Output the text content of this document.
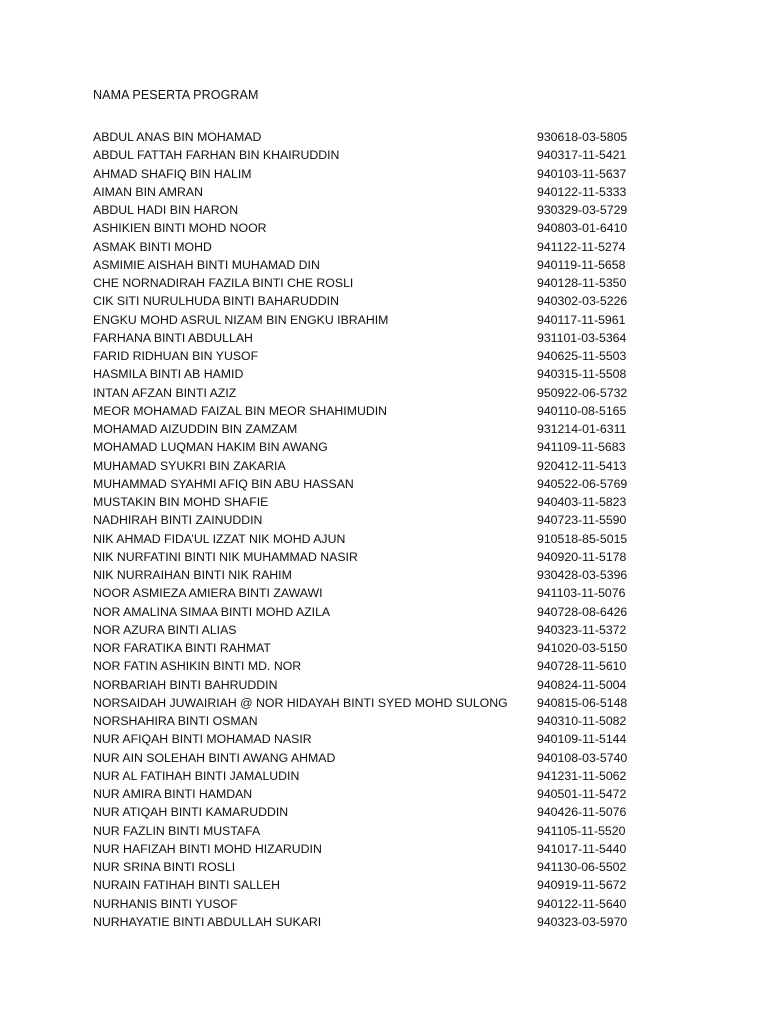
NAMA PESERTA PROGRAM
ABDUL ANAS BIN MOHAMAD	930618-03-5805
ABDUL FATTAH FARHAN BIN KHAIRUDDIN	940317-11-5421
AHMAD SHAFIQ BIN HALIM	940103-11-5637
AIMAN BIN AMRAN	940122-11-5333
ABDUL HADI BIN HARON	930329-03-5729
ASHIKIEN BINTI MOHD NOOR	940803-01-6410
ASMAK BINTI MOHD	941122-11-5274
ASMIMIE AISHAH BINTI MUHAMAD DIN	940119-11-5658
CHE NORNADIRAH FAZILA BINTI CHE ROSLI	940128-11-5350
CIK SITI NURULHUDA BINTI BAHARUDDIN	940302-03-5226
ENGKU MOHD ASRUL NIZAM BIN ENGKU IBRAHIM	940117-11-5961
FARHANA BINTI ABDULLAH	931101-03-5364
FARID RIDHUAN BIN YUSOF	940625-11-5503
HASMILA BINTI AB HAMID	940315-11-5508
INTAN AFZAN BINTI AZIZ	950922-06-5732
MEOR MOHAMAD FAIZAL BIN MEOR SHAHIMUDIN	940110-08-5165
MOHAMAD AIZUDDIN BIN ZAMZAM	931214-01-6311
MOHAMAD LUQMAN HAKIM BIN AWANG	941109-11-5683
MUHAMAD SYUKRI BIN ZAKARIA	920412-11-5413
MUHAMMAD SYAHMI AFIQ BIN ABU HASSAN	940522-06-5769
MUSTAKIN BIN MOHD SHAFIE	940403-11-5823
NADHIRAH BINTI ZAINUDDIN	940723-11-5590
NIK AHMAD FIDA’UL IZZAT NIK MOHD AJUN	910518-85-5015
NIK NURFATINI BINTI NIK MUHAMMAD NASIR	940920-11-5178
NIK NURRAIHAN BINTI NIK RAHIM	930428-03-5396
NOOR ASMIEZA AMIERA BINTI ZAWAWI	941103-11-5076
NOR AMALINA SIMAA BINTI MOHD AZILA	940728-08-6426
NOR AZURA BINTI ALIAS	940323-11-5372
NOR FARATIKA BINTI RAHMAT	941020-03-5150
NOR FATIN ASHIKIN BINTI MD. NOR	940728-11-5610
NORBARIAH BINTI BAHRUDDIN	940824-11-5004
NORSAIDAH JUWAIRIAH @ NOR HIDAYAH BINTI SYED MOHD SULONG 940815-06-5148
NORSHAHIRA BINTI OSMAN	940310-11-5082
NUR AFIQAH BINTI MOHAMAD NASIR	940109-11-5144
NUR AIN SOLEHAH BINTI AWANG AHMAD	940108-03-5740
NUR AL FATIHAH BINTI JAMALUDIN	941231-11-5062
NUR AMIRA BINTI HAMDAN	940501-11-5472
NUR ATIQAH BINTI KAMARUDDIN	940426-11-5076
NUR FAZLIN BINTI MUSTAFA	941105-11-5520
NUR HAFIZAH BINTI MOHD HIZARUDIN	941017-11-5440
NUR SRINA BINTI ROSLI	941130-06-5502
NURAIN FATIHAH BINTI SALLEH	940919-11-5672
NURHANIS BINTI YUSOF	940122-11-5640
NURHAYATIE BINTI ABDULLAH SUKARI	940323-03-5970
